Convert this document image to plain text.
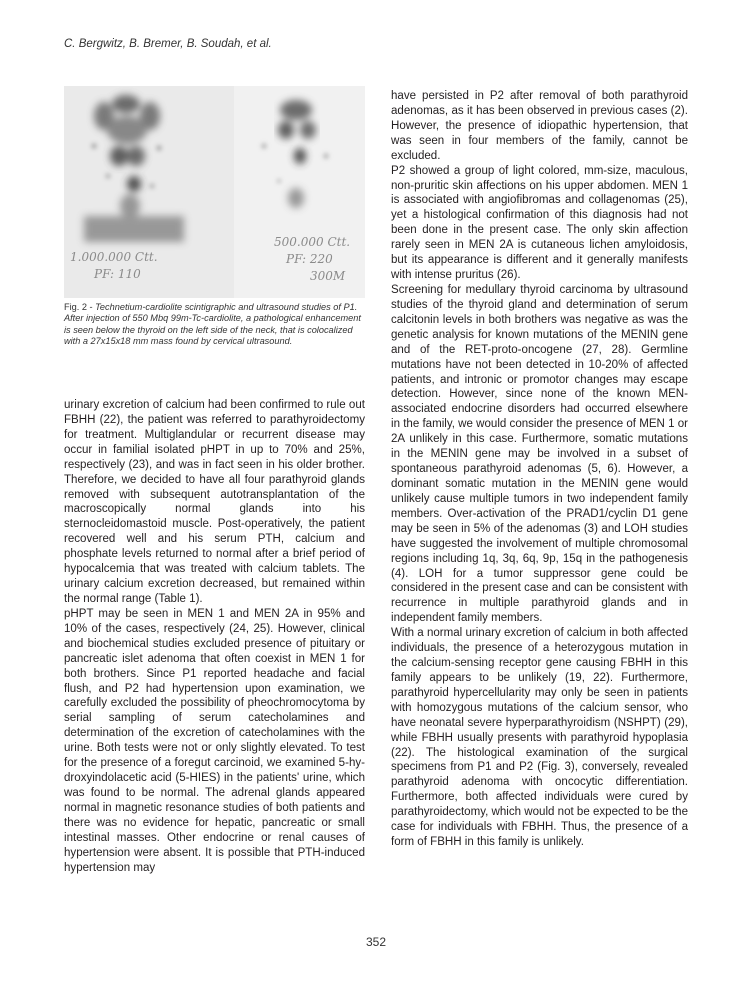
C. Bergwitz, B. Bremer, B. Soudah, et al.
1.000.000 Ctt.
PF: 110
500.000 Ctt.
PF: 220
300M
Fig. 2 - Technetium-cardiolite scintigraphic and ultrasound studies of P1. After injection of 550 Mbq 99m-Tc-cardiolite, a pathological enhancement is seen below the thyroid on the left side of the neck, that is colocalized with a 27x15x18 mm mass found by cervical ultrasound.

urinary excretion of calcium had been confirmed to rule out FBHH (22), the patient was referred to parathyroidectomy for treatment. Multiglandular or recurrent disease may occur in familial isolated pHPT in up to 70% and 25%, respectively (23), and was in fact seen in his older brother. Therefore, we decided to have all four parathyroid glands removed with subsequent autotransplantation of the macroscopically normal glands into his sternocleidomastoid muscle. Post-operatively, the patient recovered well and his serum PTH, calcium and phosphate levels returned to normal after a brief period of hypocalcemia that was treated with calcium tablets. The urinary calcium excretion decreased, but remained within the normal range (Table 1).

pHPT may be seen in MEN 1 and MEN 2A in 95% and 10% of the cases, respectively (24, 25). However, clinical and biochemical studies excluded presence of pituitary or pancreatic islet adenoma that often coexist in MEN 1 for both brothers. Since P1 reported headache and facial flush, and P2 had hypertension upon examination, we carefully excluded the possibility of pheochromocytoma by serial sampling of serum catecholamines and determination of the excretion of catecholamines with the urine. Both tests were not or only slightly elevated. To test for the presence of a foregut carcinoid, we examined 5-hydroxyindolacetic acid (5-HIES) in the patients' urine, which was found to be normal. The adrenal glands appeared normal in magnetic resonance studies of both patients and there was no evidence for hepatic, pancreatic or small intestinal masses. Other endocrine or renal causes of hypertension were absent. It is possible that PTH-induced hypertension may

have persisted in P2 after removal of both parathyroid adenomas, as it has been observed in previous cases (2). However, the presence of idiopathic hypertension, that was seen in four members of the family, cannot be excluded.

P2 showed a group of light colored, mm-size, maculous, non-pruritic skin affections on his upper abdomen. MEN 1 is associated with angiofibromas and collagenomas (25), yet a histological confirmation of this diagnosis had not been done in the present case. The only skin affection rarely seen in MEN 2A is cutaneous lichen amyloidosis, but its appearance is different and it generally manifests with intense pruritus (26).

Screening for medullary thyroid carcinoma by ultrasound studies of the thyroid gland and determination of serum calcitonin levels in both brothers was negative as was the genetic analysis for known mutations of the MENIN gene and of the RET-proto-oncogene (27, 28). Germline mutations have not been detected in 10-20% of affected patients, and intronic or promotor changes may escape detection. However, since none of the known MEN-associated endocrine disorders had occurred elsewhere in the family, we would consider the presence of MEN 1 or 2A unlikely in this case. Furthermore, somatic mutations in the MENIN gene may be involved in a subset of spontaneous parathyroid adenomas (5, 6). However, a dominant somatic mutation in the MENIN gene would unlikely cause multiple tumors in two independent family members. Over-activation of the PRAD1/cyclin D1 gene may be seen in 5% of the adenomas (3) and LOH studies have suggested the involvement of multiple chromosomal regions including 1q, 3q, 6q, 9p, 15q in the pathogenesis (4). LOH for a tumor suppressor gene could be considered in the present case and can be consistent with recurrence in multiple parathyroid glands and in independent family members.

With a normal urinary excretion of calcium in both affected individuals, the presence of a heterozygous mutation in the calcium-sensing receptor gene causing FBHH in this family appears to be unlikely (19, 22). Furthermore, parathyroid hypercellularity may only be seen in patients with homozygous mutations of the calcium sensor, who have neonatal severe hyperparathyroidism (NSHPT) (29), while FBHH usually presents with parathyroid hypoplasia (22). The histological examination of the surgical specimens from P1 and P2 (Fig. 3), conversely, revealed parathyroid adenoma with oncocytic differentiation. Furthermore, both affected individuals were cured by parathyroidectomy, which would not be expected to be the case for individuals with FBHH. Thus, the presence of a form of FBHH in this family is unlikely.

352
